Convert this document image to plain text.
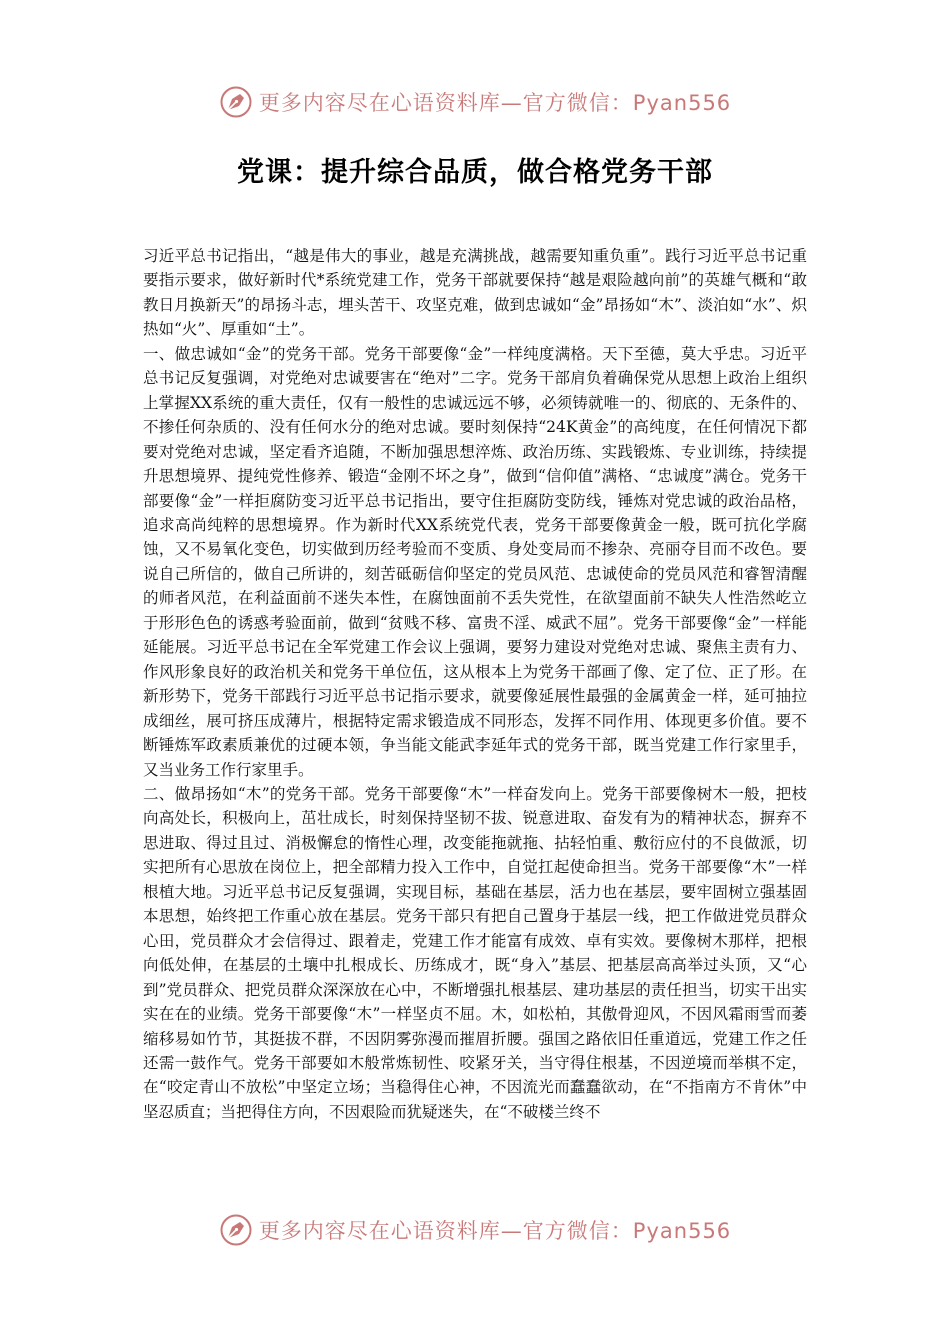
更多内容尽在心语资料库—官方微信：Pyan556
党课：提升综合品质，做合格党务干部

习近平总书记指出，“越是伟大的事业，越是充满挑战，越需要知重负重”。践行习近平总书记重要指示要求，做好新时代*系统党建工作，党务干部就要保持“越是艰险越向前”的英雄气概和“敢教日月换新天”的昂扬斗志，埋头苦干、攻坚克难，做到忠诚如“金”昂扬如“木”、淡泊如“水”、炽热如“火”、厚重如“土”。

一、做忠诚如“金”的党务干部。党务干部要像“金”一样纯度满格。天下至德，莫大乎忠。习近平总书记反复强调，对党绝对忠诚要害在“绝对”二字。党务干部肩负着确保党从思想上政治上组织上掌握XX系统的重大责任，仅有一般性的忠诚远远不够，必须铸就唯一的、彻底的、无条件的、不掺任何杂质的、没有任何水分的绝对忠诚。要时刻保持“24K黄金”的高纯度，在任何情况下都要对党绝对忠诚，坚定看齐追随，不断加强思想淬炼、政治历练、实践锻炼、专业训练，持续提升思想境界、提纯党性修养、锻造“金刚不坏之身”，做到“信仰值”满格、“忠诚度”满仓。党务干部要像“金”一样拒腐防变习近平总书记指出，要守住拒腐防变防线，锤炼对党忠诚的政治品格，追求高尚纯粹的思想境界。作为新时代XX系统党代表，党务干部要像黄金一般，既可抗化学腐蚀，又不易氧化变色，切实做到历经考验而不变质、身处变局而不掺杂、亮丽夺目而不改色。要说自己所信的，做自己所讲的，刻苦砥砺信仰坚定的党员风范、忠诚使命的党员风范和睿智清醒的师者风范，在利益面前不迷失本性，在腐蚀面前不丢失党性，在欲望面前不缺失人性浩然屹立于形形色色的诱惑考验面前，做到“贫贱不移、富贵不淫、威武不屈”。党务干部要像“金”一样能延能展。习近平总书记在全军党建工作会议上强调，要努力建设对党绝对忠诚、聚焦主责有力、作风形象良好的政治机关和党务干单位伍，这从根本上为党务干部画了像、定了位、正了形。在新形势下，党务干部践行习近平总书记指示要求，就要像延展性最强的金属黄金一样，延可抽拉成细丝，展可挤压成薄片，根据特定需求锻造成不同形态，发挥不同作用、体现更多价值。要不断锤炼军政素质兼优的过硬本领，争当能文能武李延年式的党务干部，既当党建工作行家里手，又当业务工作行家里手。

二、做昂扬如“木”的党务干部。党务干部要像“木”一样奋发向上。党务干部要像树木一般，把枝向高处长，积极向上，茁壮成长，时刻保持坚韧不拔、锐意进取、奋发有为的精神状态，摒弃不思进取、得过且过、消极懈怠的惰性心理，改变能拖就拖、拈轻怕重、敷衍应付的不良做派，切实把所有心思放在岗位上，把全部精力投入工作中，自觉扛起使命担当。党务干部要像“木”一样根植大地。习近平总书记反复强调，实现目标，基础在基层，活力也在基层，要牢固树立强基固本思想，始终把工作重心放在基层。党务干部只有把自己置身于基层一线，把工作做进党员群众心田，党员群众才会信得过、跟着走，党建工作才能富有成效、卓有实效。要像树木那样，把根向低处伸，在基层的土壤中扎根成长、历练成才，既“身入”基层、把基层高高举过头顶，又“心到”党员群众、把党员群众深深放在心中，不断增强扎根基层、建功基层的责任担当，切实干出实实在在的业绩。党务干部要像“木”一样坚贞不屈。木，如松柏，其傲骨迎风，不因风霜雨雪而萎缩移易如竹节，其挺拔不群，不因阴雾弥漫而摧眉折腰。强国之路依旧任重道远，党建工作之任还需一鼓作气。党务干部要如木般常炼韧性、咬紧牙关，当守得住根基，不因逆境而举棋不定，在“咬定青山不放松”中坚定立场；当稳得住心神，不因流光而蠢蠢欲动，在“不指南方不肯休”中坚忍质直；当把得住方向，不因艰险而犹疑迷失，在“不破楼兰终不

更多内容尽在心语资料库—官方微信：Pyan556
